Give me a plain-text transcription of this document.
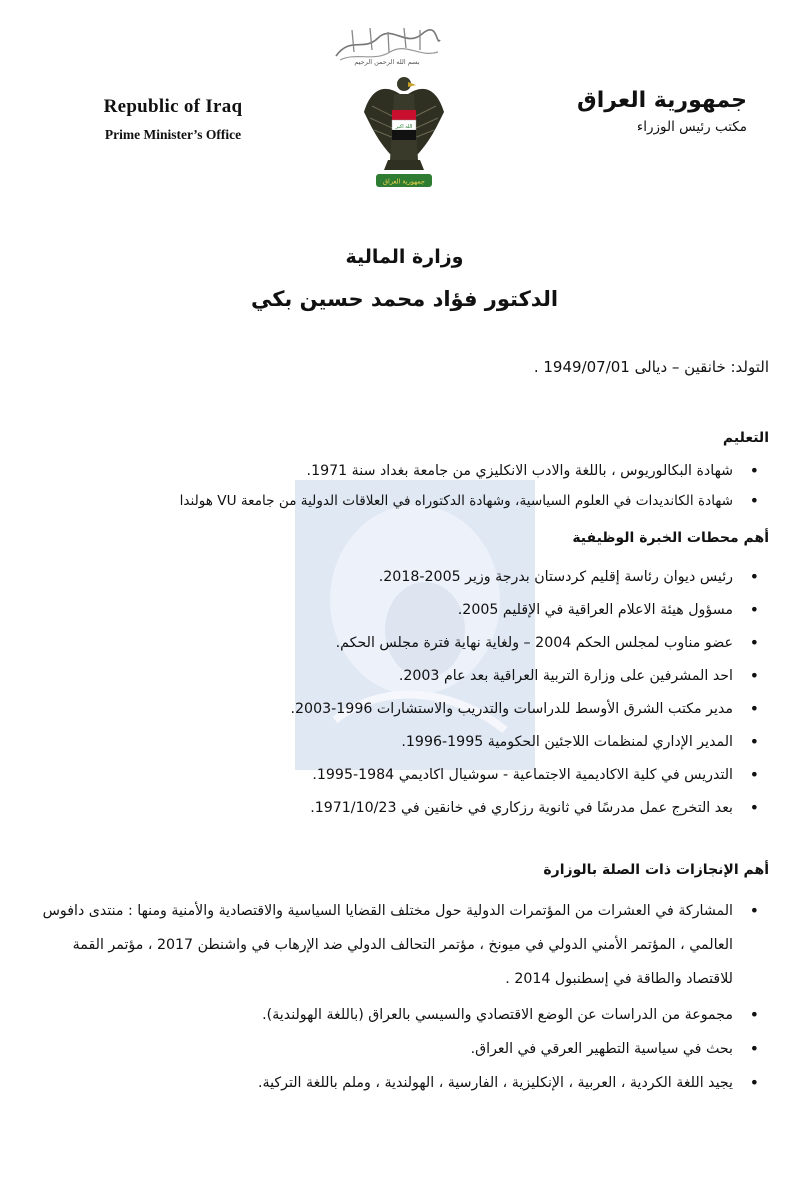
بسم الله الرحمن الرحيم
الله اكبر
جمهورية العراق
Republic of Iraq
Prime Minister’s Office
جمهورية العراق
مكتب رئيس الوزراء
وزارة المالية
الدكتور فؤاد محمد حسين بكي
التولد: خانقين – ديالى 1949/07/01 .
التعليم
• شهادة البكالوريوس ، باللغة والادب الانكليزي من جامعة بغداد سنة 1971.
• شهادة الكانديدات في العلوم السياسية، وشهادة الدكتوراه في العلاقات الدولية من جامعة VU هولندا
أهم محطات الخبرة الوظيفية
• رئيس ديوان رئاسة إقليم كردستان بدرجة وزير 2005-2018.
• مسؤول هيئة الاعلام العراقية في الإقليم 2005.
• عضو مناوب لمجلس الحكم 2004 – ولغاية نهاية فترة مجلس الحكم.
• احد المشرفين على وزارة التربية العراقية بعد عام 2003.
• مدير مكتب الشرق الأوسط للدراسات والتدريب والاستشارات 1996-2003.
• المدير الإداري لمنظمات اللاجئين الحكومية 1995-1996.
• التدريس في كلية الاكاديمية الاجتماعية - سوشيال اكاديمي 1984-1995.
• بعد التخرج عمل مدرسًا في ثانوية رزكاري في خانقين في 1971/10/23.
أهم الإنجازات ذات الصلة بالوزارة
• المشاركة في العشرات من المؤتمرات الدولية حول مختلف القضايا السياسية والاقتصادية والأمنية ومنها : منتدى دافوس العالمي ، المؤتمر الأمني الدولي في ميونخ ، مؤتمر التحالف الدولي ضد الإرهاب في واشنطن 2017 ، مؤتمر القمة للاقتصاد والطاقة في إسطنبول 2014 .
• مجموعة من الدراسات عن الوضع الاقتصادي والسيسي بالعراق (باللغة الهولندية).
• بحث في سياسية التطهير العرقي في العراق.
• يجيد اللغة الكردية ، العربية ، الإنكليزية ، الفارسية ، الهولندية ، وملم باللغة التركية.
